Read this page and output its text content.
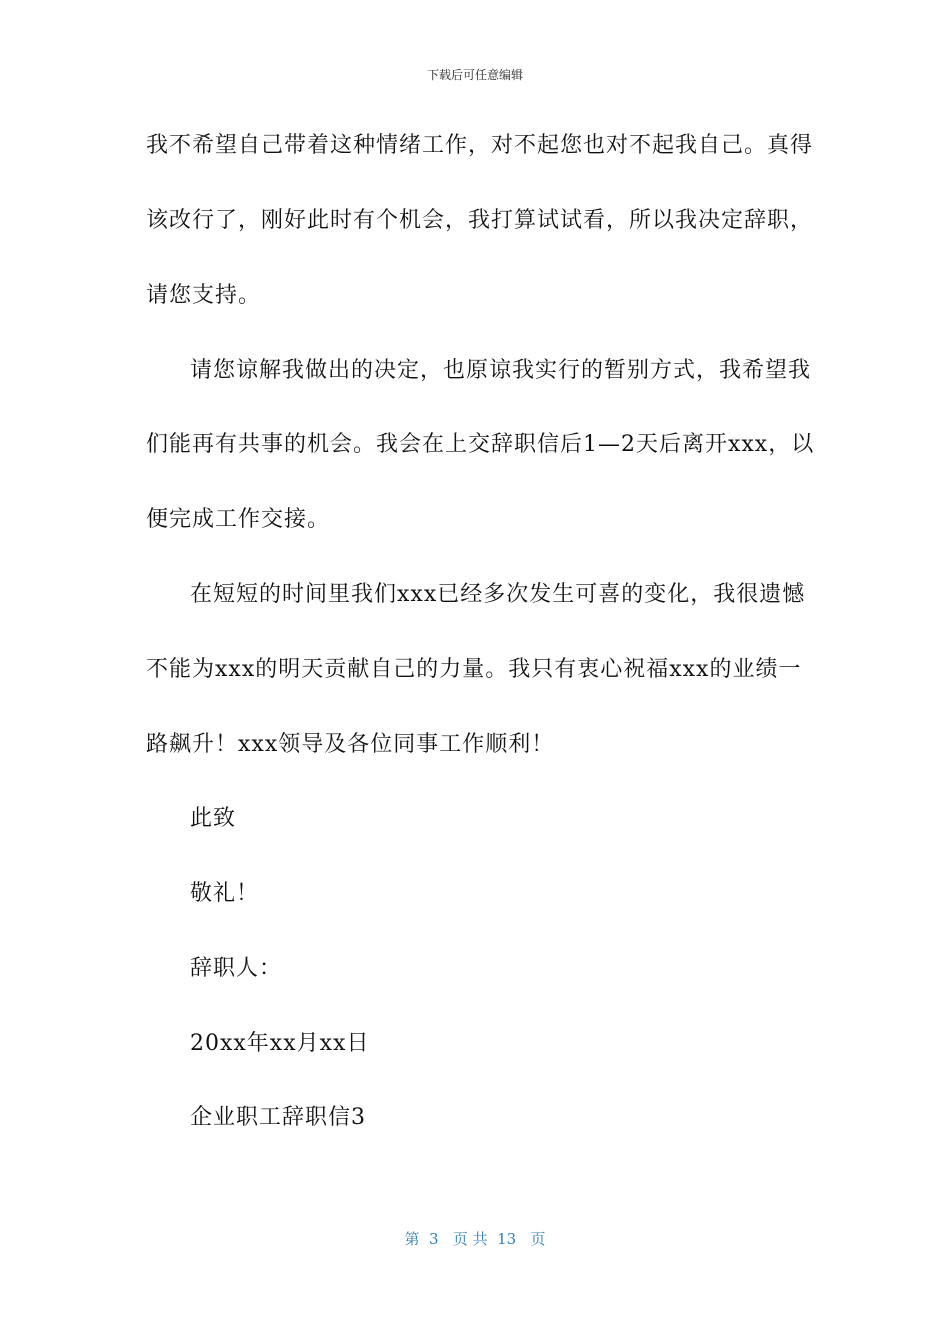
下载后可任意编辑
我不希望自己带着这种情绪工作，对不起您也对不起我自己。真得
该改行了，刚好此时有个机会，我打算试试看，所以我决定辞职，
请您支持。
请您谅解我做出的决定，也原谅我实行的暂别方式，我希望我
们能再有共事的机会。我会在上交辞职信后1—2天后离开xxx，以
便完成工作交接。
在短短的时间里我们xxx已经多次发生可喜的变化，我很遗憾
不能为xxx的明天贡献自己的力量。我只有衷心祝福xxx的业绩一
路飙升！xxx领导及各位同事工作顺利！
此致
敬礼！
辞职人：
20xx年xx月xx日
企业职工辞职信3
第  3   页 共  13   页
